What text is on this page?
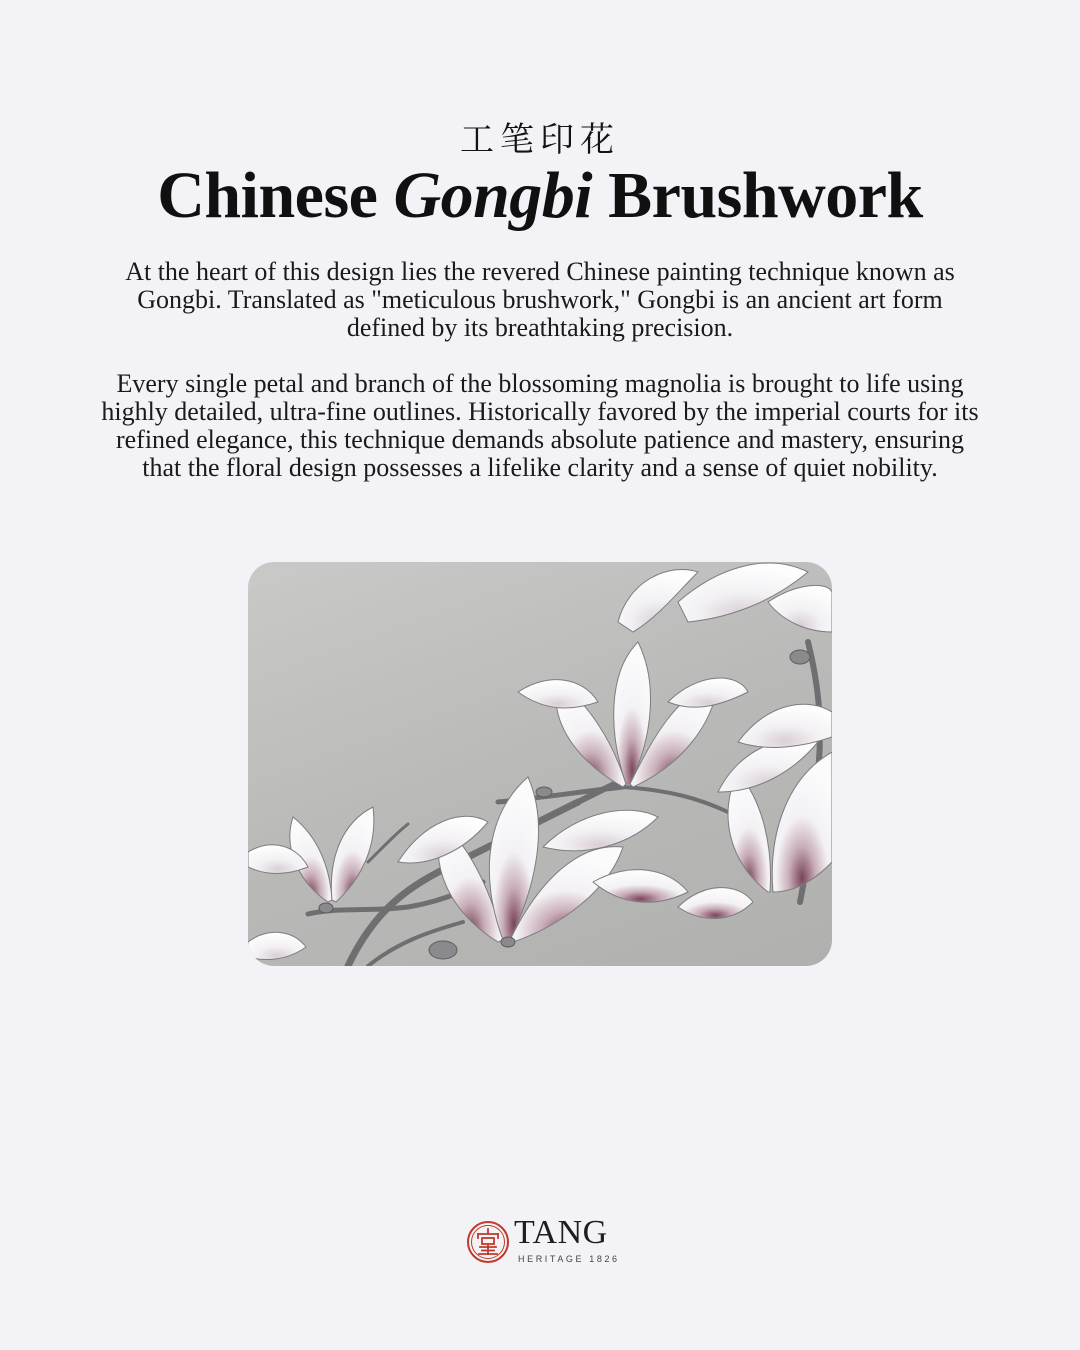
工笔印花
Chinese Gongbi Brushwork

At the heart of this design lies the revered Chinese painting technique known as Gongbi. Translated as "meticulous brushwork," Gongbi is an ancient art form defined by its breathtaking precision.

Every single petal and branch of the blossoming magnolia is brought to life using highly detailed, ultra-fine outlines. Historically favored by the imperial courts for its refined elegance, this technique demands absolute patience and mastery, ensuring that the floral design possesses a lifelike clarity and a sense of quiet nobility.

TANG
HERITAGE 1826
